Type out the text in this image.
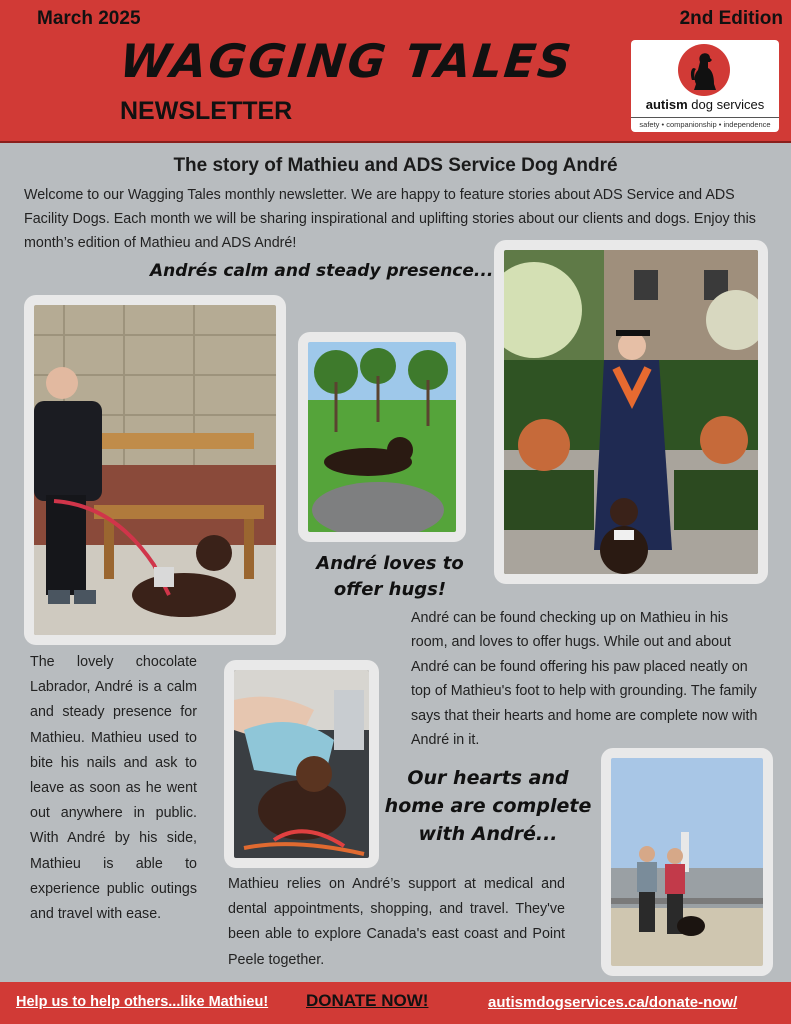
March 2025	2nd Edition
WAGGING TALES
NEWSLETTER	autism dog services
safety • companionship • independence
The story of Mathieu and ADS Service Dog André
Welcome to our Wagging Tales monthly newsletter. We are happy to feature stories about ADS Service and ADS Facility Dogs. Each month we will be sharing inspirational and uplifting stories about our clients and dogs. Enjoy this month’s edition of Mathieu and ADS André!
Andrés calm and steady presence...
André loves to offer hugs!
Our hearts and home are complete with André...
The lovely chocolate Labrador, André is a calm and steady presence for Mathieu. Mathieu used to bite his nails and ask to leave as soon as he went out anywhere in public. With André by his side, Mathieu is able to experience public outings and travel with ease.
André can be found checking up on Mathieu in his room, and loves to offer hugs. While out and about André can be found offering his paw placed neatly on top of Mathieu's foot to help with grounding. The family says that their hearts and home are complete now with André in it.
Mathieu relies on André’s support at medical and dental appointments, shopping, and travel. They've been able to explore Canada's east coast and Point Peele together.
Help us to help others...like Mathieu! DONATE NOW!	autismdogservices.ca/donate-now/
